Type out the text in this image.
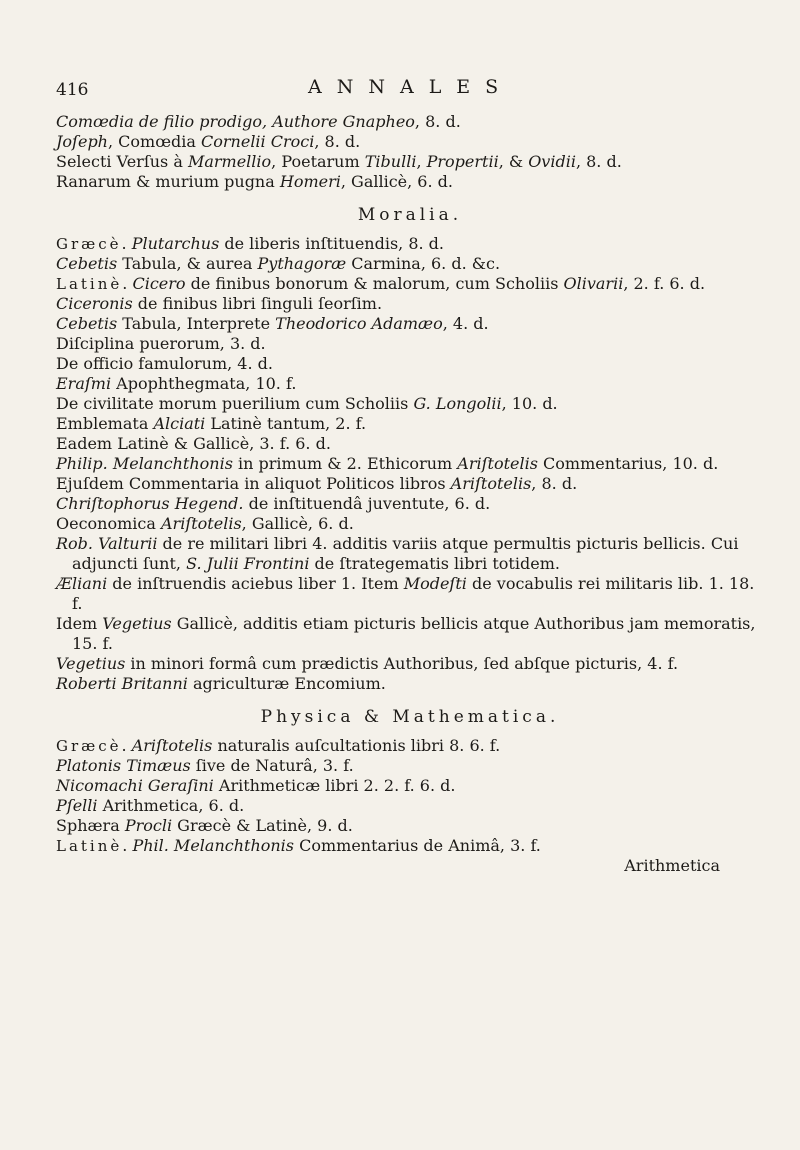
416	ANNALES

Comœdia de filio prodigo, Authore Gnapheo, 8. d.

Joſeph, Comœdia Cornelii Croci, 8. d.

Selecti Verſus à Marmellio, Poetarum Tibulli, Propertii, & Ovidii, 8. d.

Ranarum & murium pugna Homeri, Gallicè, 6. d.

Moralia.

Græcè. Plutarchus de liberis inſtituendis, 8. d.

Cebetis Tabula, & aurea Pythagoræ Carmina, 6. d. &c.

Latinè. Cicero de finibus bonorum & malorum, cum Scholiis Olivarii, 2. f. 6. d.

Ciceronis de finibus libri ſinguli ſeorſim.

Cebetis Tabula, Interprete Theodorico Adamæo, 4. d.

Diſciplina puerorum, 3. d.

De officio famulorum, 4. d.

Eraſmi Apophthegmata, 10. f.

De civilitate morum puerilium cum Scholiis G. Longolii, 10. d.

Emblemata Alciati Latinè tantum, 2. f.

Eadem Latinè & Gallicè, 3. f. 6. d.

Philip. Melanchthonis in primum & 2. Ethicorum Ariſtotelis Commentarius, 10. d.

Ejuſdem Commentaria in aliquot Politicos libros Ariſtotelis, 8. d.

Chriſtophorus Hegend. de inſtituendâ juventute, 6. d.

Oeconomica Ariſtotelis, Gallicè, 6. d.

Rob. Valturii de re militari libri 4. additis variis atque permultis picturis bellicis. Cui adjuncti ſunt, S. Julii Frontini de ſtrategematis libri totidem.

Æliani de inſtruendis aciebus liber 1. Item Modeſti de vocabulis rei militaris lib. 1. 18. f.

Idem Vegetius Gallicè, additis etiam picturis bellicis atque Authoribus jam memoratis, 15. f.

Vegetius in minori formâ cum prædictis Authoribus, ſed abſque picturis, 4. f.

Roberti Britanni agriculturæ Encomium.

Physica & Mathematica.

Græcè. Ariſtotelis naturalis auſcultationis libri 8. 6. f.

Platonis Timæus ſive de Naturâ, 3. f.

Nicomachi Geraſini Arithmeticæ libri 2. 2. f. 6. d.

Pſelli Arithmetica, 6. d.

Sphæra Procli Græcè & Latinè, 9. d.

Latinè. Phil. Melanchthonis Commentarius de Animâ, 3. f.

Arithmetica
